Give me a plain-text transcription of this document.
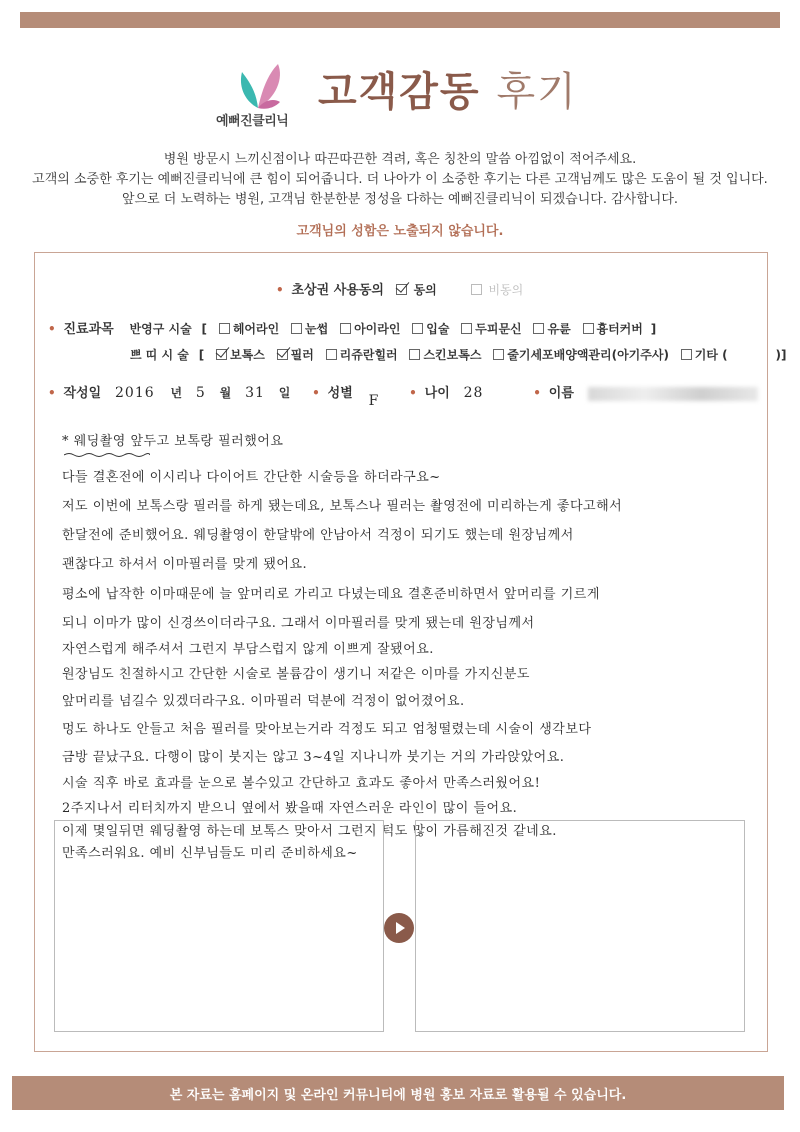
예뻐진클리닉
고객감동 후기
병원 방문시 느끼신점이나 따끈따끈한 격려, 혹은 칭찬의 말씀 아낌없이 적어주세요.
고객의 소중한 후기는 예뻐진클리닉에 큰 힘이 되어줍니다. 더 나아가 이 소중한 후기는 다른 고객님께도 많은 도움이 될 것 입니다.
앞으로 더 노력하는 병원, 고객님 한분한분 정성을 다하는 예뻐진클리닉이 되겠습니다. 감사합니다.
고객님의 성함은 노출되지 않습니다.
• 초상권 사용동의 동의	비동의
• 진료과목 반영구 시술 [ 헤어라인 눈썹 아이라인 입술 두피문신 유륜 흉터커버 ]
쁘 띠 시 술 [ 보톡스 필러 리쥬란힐러 스킨보톡스 줄기세포배양액관리(아기주사) 기타 (	)]
• 작성일 2016 년 5 월 31 일 • 성별 F • 나이 28	• 이름
* 웨딩촬영 앞두고 보톡랑 필러했어요
다들 결혼전에 이시리나 다이어트 간단한 시술등을 하더라구요~
저도 이번에 보톡스랑 필러를 하게 됐는데요, 보톡스나 필러는 촬영전에 미리하는게 좋다고해서
한달전에 준비했어요. 웨딩촬영이 한달밖에 안남아서 걱정이 되기도 했는데 원장님께서
괜찮다고 하셔서 이마필러를 맞게 됐어요.
평소에 납작한 이마때문에 늘 앞머리로 가리고 다녔는데요 결혼준비하면서 앞머리를 기르게
되니 이마가 많이 신경쓰이더라구요. 그래서 이마필러를 맞게 됐는데 원장님께서
자연스럽게 해주셔서 그런지 부담스럽지 않게 이쁘게 잘됐어요.
원장님도 친절하시고 간단한 시술로 볼륨감이 생기니 저같은 이마를 가지신분도
앞머리를 넘길수 있겠더라구요. 이마필러 덕분에 걱정이 없어졌어요.
멍도 하나도 안들고 처음 필러를 맞아보는거라 걱정도 되고 엄청떨렸는데 시술이 생각보다
금방 끝났구요. 다행이 많이 붓지는 않고 3~4일 지나니까 붓기는 거의 가라앉았어요.
시술 직후 바로 효과를 눈으로 볼수있고 간단하고 효과도 좋아서 만족스러웠어요!
2주지나서 리터치까지 받으니 옆에서 봤을때 자연스러운 라인이 많이 들어요.
이제 몇일뒤면 웨딩촬영 하는데 보톡스 맞아서 그런지 턱도 많이 가름해진것 같네요.
만족스러워요. 예비 신부님들도 미리 준비하세요~
본 자료는 홈페이지 및 온라인 커뮤니티에 병원 홍보 자료로 활용될 수 있습니다.
